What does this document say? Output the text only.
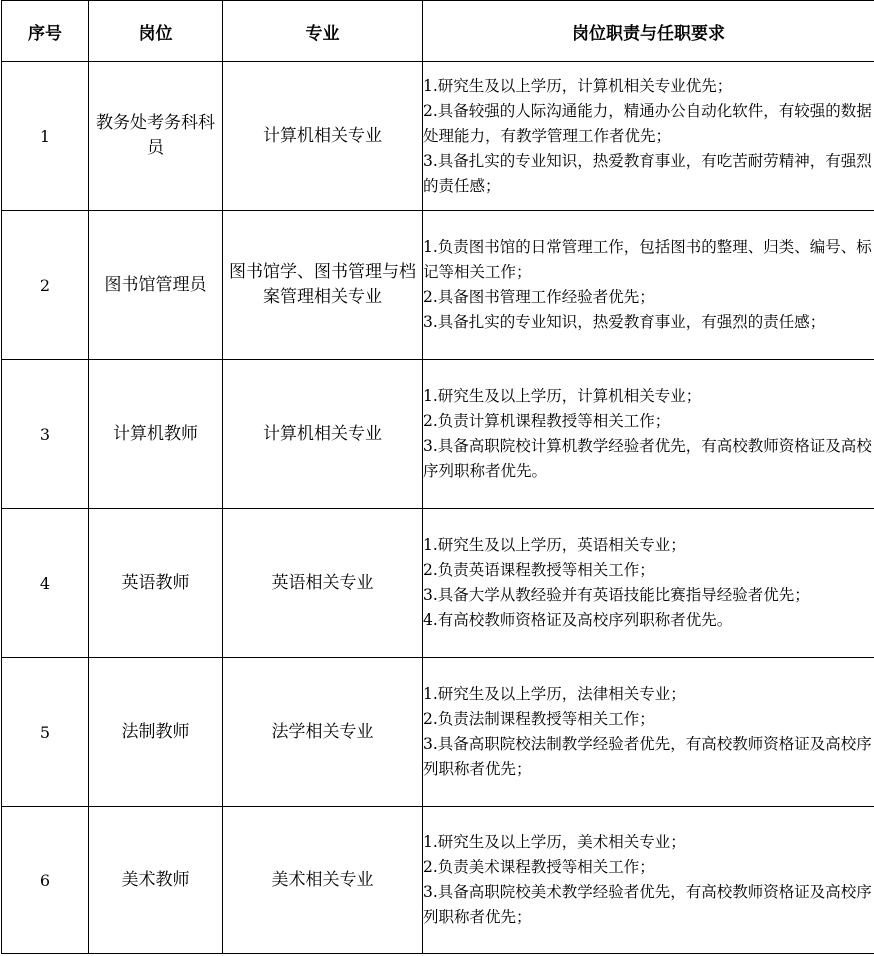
序号	岗位	专业	岗位职责与任职要求
1	教务处考务科科员	计算机相关专业	1.研究生及以上学历，计算机相关专业优先；
2.具备较强的人际沟通能力，精通办公自动化软件，有较强的数据处理能力，有教学管理工作者优先；
3.具备扎实的专业知识，热爱教育事业，有吃苦耐劳精神，有强烈的责任感；

2	图书馆管理员	图书馆学、图书管理与档案管理相关专业	1.负责图书馆的日常管理工作，包括图书的整理、归类、编号、标记等相关工作；
2.具备图书管理工作经验者优先；
3.具备扎实的专业知识，热爱教育事业，有强烈的责任感；

3	计算机教师	计算机相关专业	1.研究生及以上学历，计算机相关专业；
2.负责计算机课程教授等相关工作；
3.具备高职院校计算机教学经验者优先，有高校教师资格证及高校序列职称者优先。

4	英语教师	英语相关专业	1.研究生及以上学历，英语相关专业；
2.负责英语课程教授等相关工作；
3.具备大学从教经验并有英语技能比赛指导经验者优先；
4.有高校教师资格证及高校序列职称者优先。

5	法制教师	法学相关专业	1.研究生及以上学历，法律相关专业；
2.负责法制课程教授等相关工作；
3.具备高职院校法制教学经验者优先，有高校教师资格证及高校序列职称者优先；

6	美术教师	美术相关专业	1.研究生及以上学历，美术相关专业；
2.负责美术课程教授等相关工作；
3.具备高职院校美术教学经验者优先，有高校教师资格证及高校序列职称者优先；
